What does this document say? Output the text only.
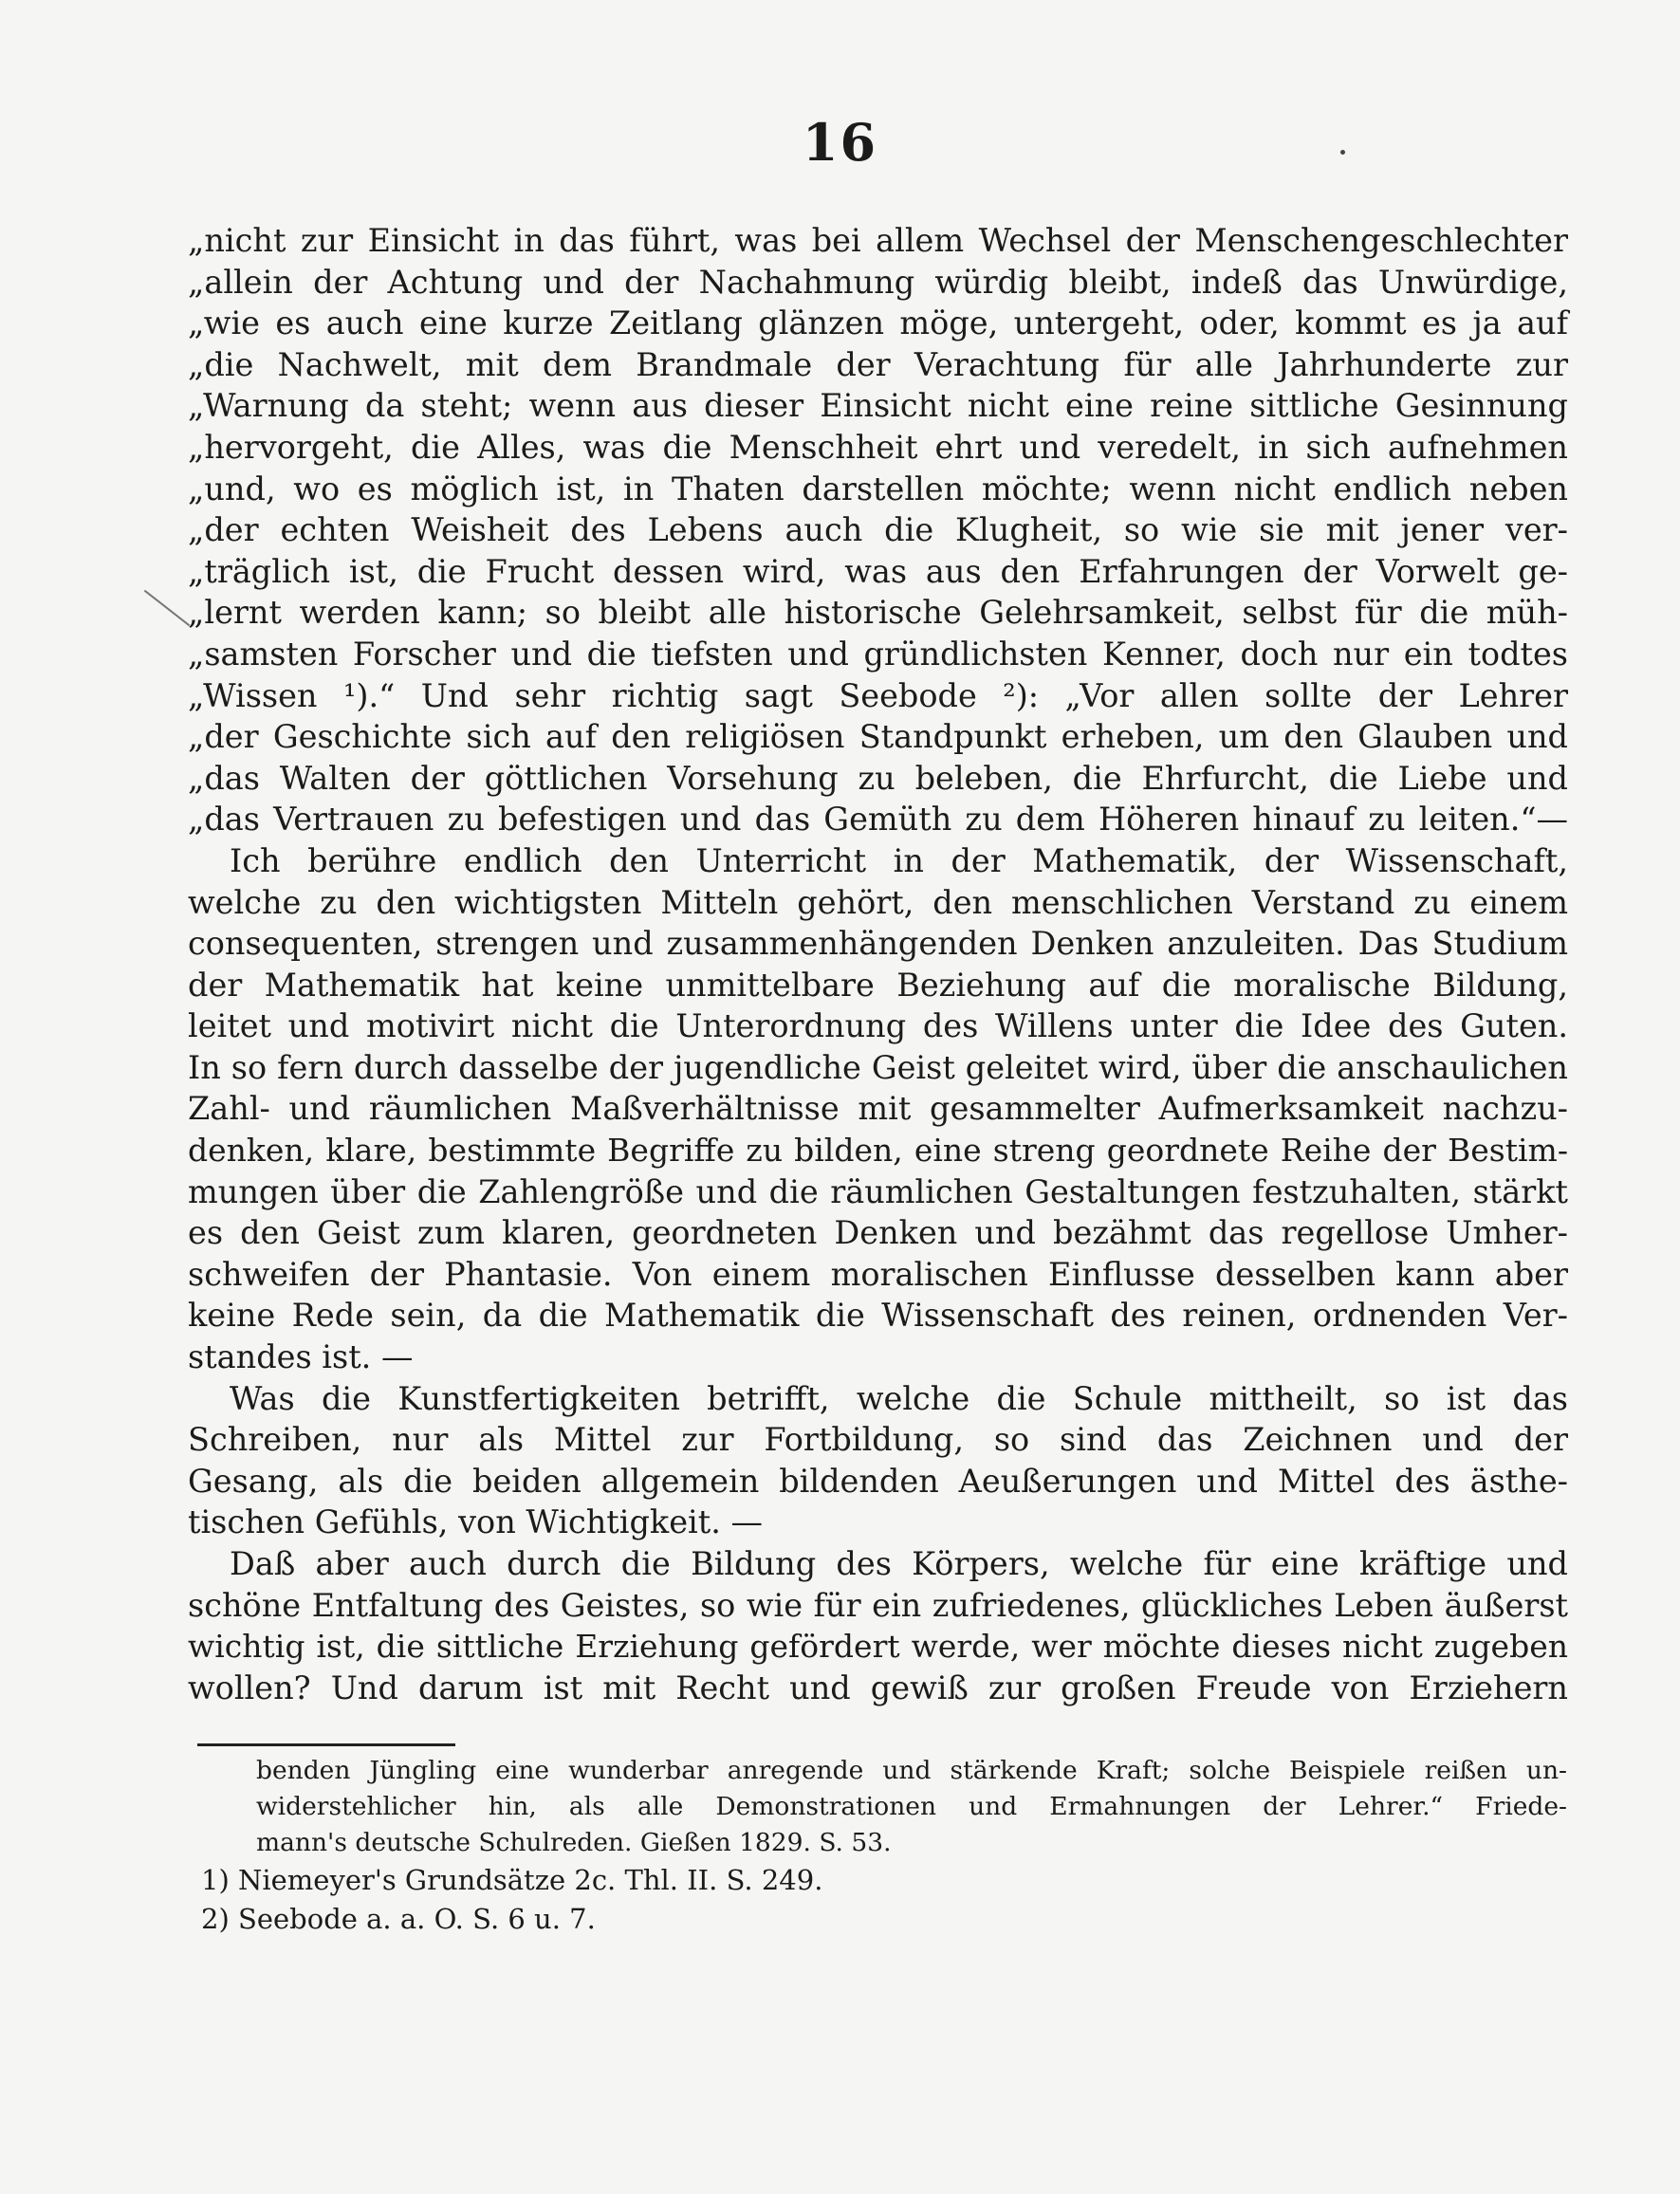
16
„nicht zur Einsicht in das führt, was bei allem Wechsel der Menschengeschlechter
„allein der Achtung und der Nachahmung würdig bleibt, indeß das Unwürdige,
„wie es auch eine kurze Zeitlang glänzen möge, untergeht, oder, kommt es ja auf
„die Nachwelt, mit dem Brandmale der Verachtung für alle Jahrhunderte zur
„Warnung da steht; wenn aus dieser Einsicht nicht eine reine sittliche Gesinnung
„hervorgeht, die Alles, was die Menschheit ehrt und veredelt, in sich aufnehmen
„und, wo es möglich ist, in Thaten darstellen möchte; wenn nicht endlich neben
„der echten Weisheit des Lebens auch die Klugheit, so wie sie mit jener ver-
„träglich ist, die Frucht dessen wird, was aus den Erfahrungen der Vorwelt ge-
„lernt werden kann; so bleibt alle historische Gelehrsamkeit, selbst für die müh-
„samsten Forscher und die tiefsten und gründlichsten Kenner, doch nur ein todtes
„Wissen ¹).“ Und sehr richtig sagt Seebode ²): „Vor allen sollte der Lehrer
„der Geschichte sich auf den religiösen Standpunkt erheben, um den Glauben und
„das Walten der göttlichen Vorsehung zu beleben, die Ehrfurcht, die Liebe und
„das Vertrauen zu befestigen und das Gemüth zu dem Höheren hinauf zu leiten.“—
Ich berühre endlich den Unterricht in der Mathematik, der Wissenschaft,
welche zu den wichtigsten Mitteln gehört, den menschlichen Verstand zu einem
consequenten, strengen und zusammenhängenden Denken anzuleiten. Das Studium
der Mathematik hat keine unmittelbare Beziehung auf die moralische Bildung,
leitet und motivirt nicht die Unterordnung des Willens unter die Idee des Guten.
In so fern durch dasselbe der jugendliche Geist geleitet wird, über die anschaulichen
Zahl- und räumlichen Maßverhältnisse mit gesammelter Aufmerksamkeit nachzu-
denken, klare, bestimmte Begriffe zu bilden, eine streng geordnete Reihe der Bestim-
mungen über die Zahlengröße und die räumlichen Gestaltungen festzuhalten, stärkt
es den Geist zum klaren, geordneten Denken und bezähmt das regellose Umher-
schweifen der Phantasie. Von einem moralischen Einflusse desselben kann aber
keine Rede sein, da die Mathematik die Wissenschaft des reinen, ordnenden Ver-
standes ist. —
Was die Kunstfertigkeiten betrifft, welche die Schule mittheilt, so ist das
Schreiben, nur als Mittel zur Fortbildung, so sind das Zeichnen und der
Gesang, als die beiden allgemein bildenden Aeußerungen und Mittel des ästhe-
tischen Gefühls, von Wichtigkeit. —
Daß aber auch durch die Bildung des Körpers, welche für eine kräftige und
schöne Entfaltung des Geistes, so wie für ein zufriedenes, glückliches Leben äußerst
wichtig ist, die sittliche Erziehung gefördert werde, wer möchte dieses nicht zugeben
wollen? Und darum ist mit Recht und gewiß zur großen Freude von Erziehern
benden Jüngling eine wunderbar anregende und stärkende Kraft; solche Beispiele reißen un-
widerstehlicher hin, als alle Demonstrationen und Ermahnungen der Lehrer.“ Friede-
mann's deutsche Schulreden. Gießen 1829. S. 53.
1) Niemeyer's Grundsätze 2c. Thl. II. S. 249.
2) Seebode a. a. O. S. 6 u. 7.
